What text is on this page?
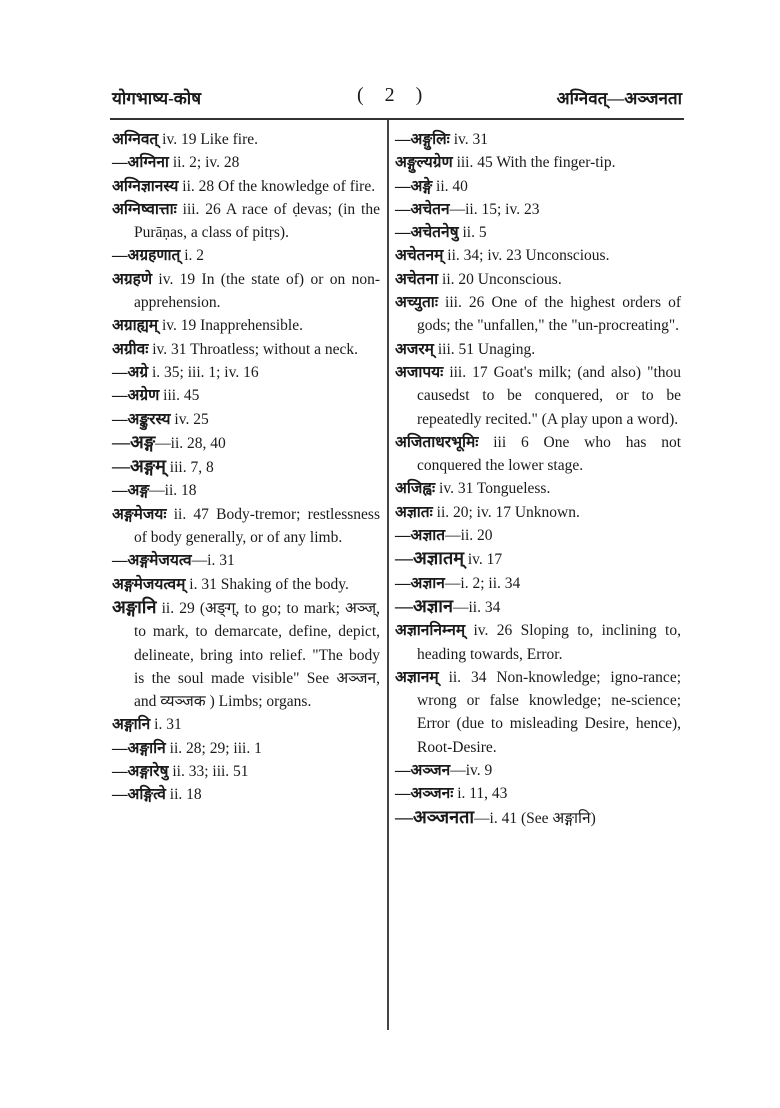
योगभाष्य-कोष	( 2 )	अग्निवत्—अञ्जनता

अग्निवत् iv. 19 Like fire.

—अग्निना ii. 2; iv. 28

अग्निज्ञानस्य ii. 28 Of the knowledge of fire.

अग्निष्वात्ताः iii. 26 A race of ḍevas; (in the Purāṇas, a class of pitṛs).

—अग्रहणात् i. 2

अग्रहणे iv. 19 In (the state of) or on non-apprehension.

अग्राह्यम् iv. 19 Inapprehensible.

अग्रीवः iv. 31 Throatless; without a neck.

—अग्रे i. 35; iii. 1; iv. 16

—अग्रेण iii. 45

—अङ्कुरस्य iv. 25

—अङ्ग—ii. 28, 40

—अङ्गम् iii. 7, 8

—अङ्ग—ii. 18

अङ्गमेजयः ii. 47 Body-tremor; restlessness of body generally, or of any limb.

—अङ्गमेजयत्व—i. 31

अङ्गमेजयत्वम् i. 31 Shaking of the body.

अङ्गानि ii. 29 (अङ्ग्, to go; to mark; अञ्ज्, to mark, to demarcate, define, depict, delineate, bring into relief. "The body is the soul made visible" See अञ्जन, and व्यञ्जक ) Limbs; organs.

अङ्गानि i. 31

—अङ्गानि ii. 28; 29; iii. 1

—अङ्गारेषु ii. 33; iii. 51

—अङ्गित्वे ii. 18

—अङ्गुलिः iv. 31

अङ्गुल्यग्रेण iii. 45 With the finger-tip.

—अङ्गे ii. 40

—अचेतन—ii. 15; iv. 23

—अचेतनेषु ii. 5

अचेतनम् ii. 34; iv. 23 Unconscious.

अचेतना ii. 20 Unconscious.

अच्युताः iii. 26 One of the highest orders of gods; the "unfallen," the "un-procreating".

अजरम् iii. 51 Unaging.

अजापयः iii. 17 Goat's milk; (and also) "thou causedst to be conquered, or to be repeatedly recited." (A play upon a word).

अजिताधरभूमिः iii 6 One who has not conquered the lower stage.

अजिह्वः iv. 31 Tongueless.

अज्ञातः ii. 20; iv. 17 Unknown.

—अज्ञात—ii. 20

—अज्ञातम् iv. 17

—अज्ञान—i. 2; ii. 34

—अज्ञान—ii. 34

अज्ञाननिम्नम् iv. 26 Sloping to, inclining to, heading towards, Error.

अज्ञानम् ii. 34 Non-knowledge; igno-rance; wrong or false knowledge; ne-science; Error (due to misleading Desire, hence), Root-Desire.

—अञ्जन—iv. 9

—अञ्जनः i. 11, 43

—अञ्जनता—i. 41 (See अङ्गानि)
